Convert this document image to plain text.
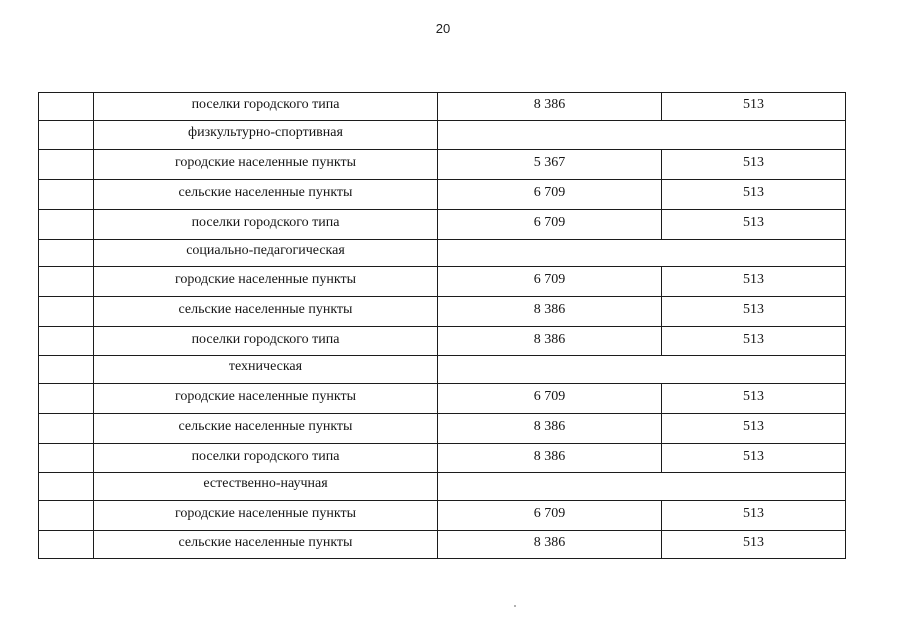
20
	поселки городского типа	8 386	513
	физкультурно-спортивная		
	городские населенные пункты	5 367	513
	сельские населенные пункты	6 709	513
	поселки городского типа	6 709	513
	социально-педагогическая		
	городские населенные пункты	6 709	513
	сельские населенные пункты	8 386	513
	поселки городского типа	8 386	513
	техническая		
	городские населенные пункты	6 709	513
	сельские населенные пункты	8 386	513
	поселки городского типа	8 386	513
	естественно-научная		
	городские населенные пункты	6 709	513
	сельские населенные пункты	8 386	513
